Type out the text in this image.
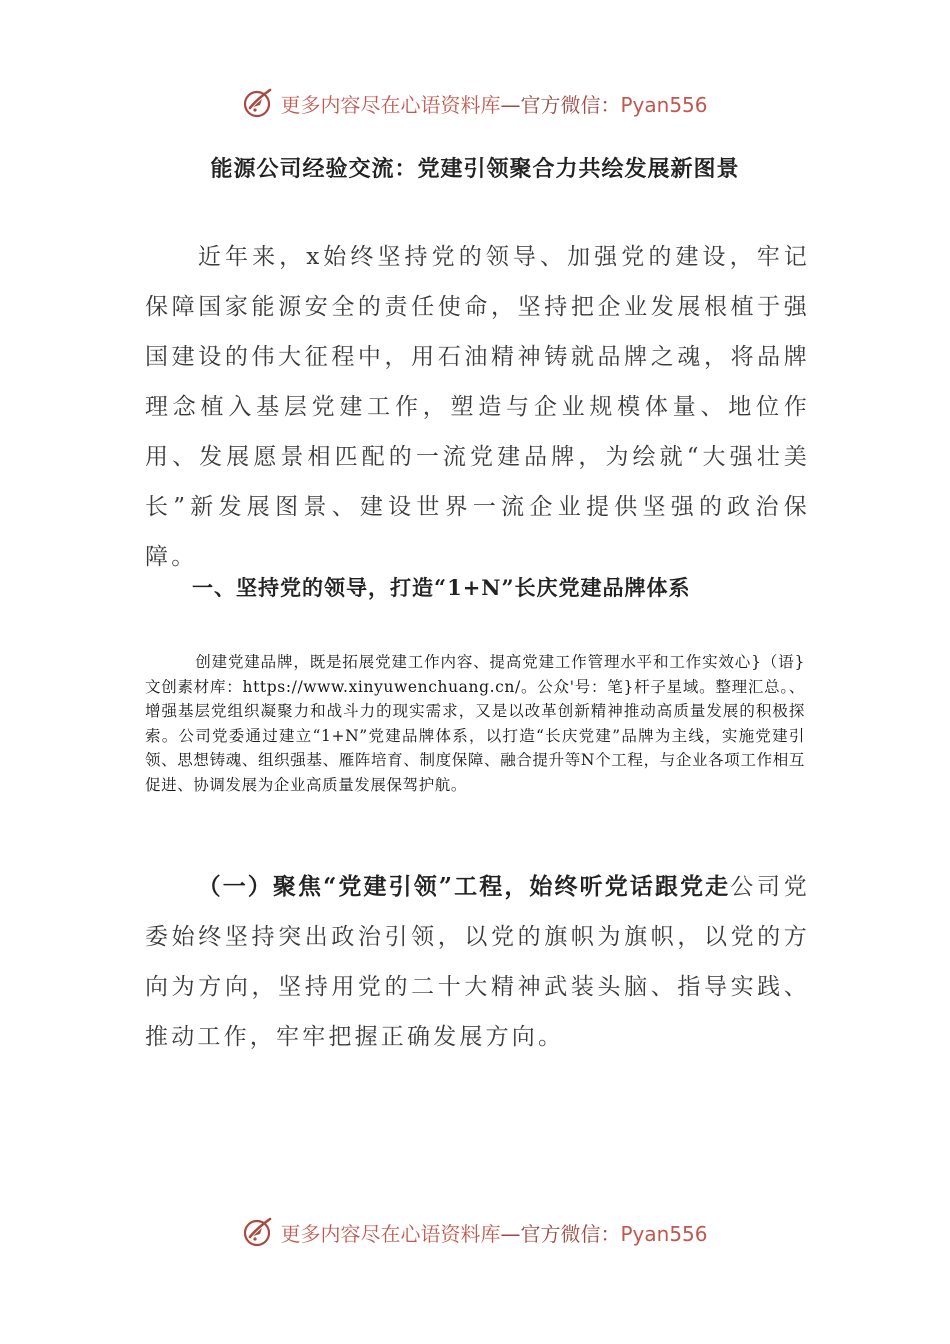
更多内容尽在心语资料库—官方微信：Pyan556
能源公司经验交流：党建引领聚合力共绘发展新图景
近年来，x始终坚持党的领导、加强党的建设，牢记保障国家能源安全的责任使命，坚持把企业发展根植于强国建设的伟大征程中，用石油精神铸就品牌之魂，将品牌理念植入基层党建工作，塑造与企业规模体量、地位作用、发展愿景相匹配的一流党建品牌，为绘就“大强壮美长”新发展图景、建设世界一流企业提供坚强的政治保障。
一、坚持党的领导，打造“1+N”长庆党建品牌体系
创建党建品牌，既是拓展党建工作内容、提高党建工作管理水平和工作实效心}（语}文创素材库：https://www.xinyuwenchuang.cn/。公众'号：笔}杆子星域。整理汇总。、增强基层党组织凝聚力和战斗力的现实需求，又是以改革创新精神推动高质量发展的积极探索。公司党委通过建立“1+N”党建品牌体系，以打造“长庆党建”品牌为主线，实施党建引领、思想铸魂、组织强基、雁阵培育、制度保障、融合提升等N个工程，与企业各项工作相互促进、协调发展为企业高质量发展保驾护航。
（一）聚焦“党建引领”工程，始终听党话跟党走公司党委始终坚持突出政治引领，以党的旗帜为旗帜，以党的方向为方向，坚持用党的二十大精神武装头脑、指导实践、推动工作，牢牢把握正确发展方向。
更多内容尽在心语资料库—官方微信：Pyan556
